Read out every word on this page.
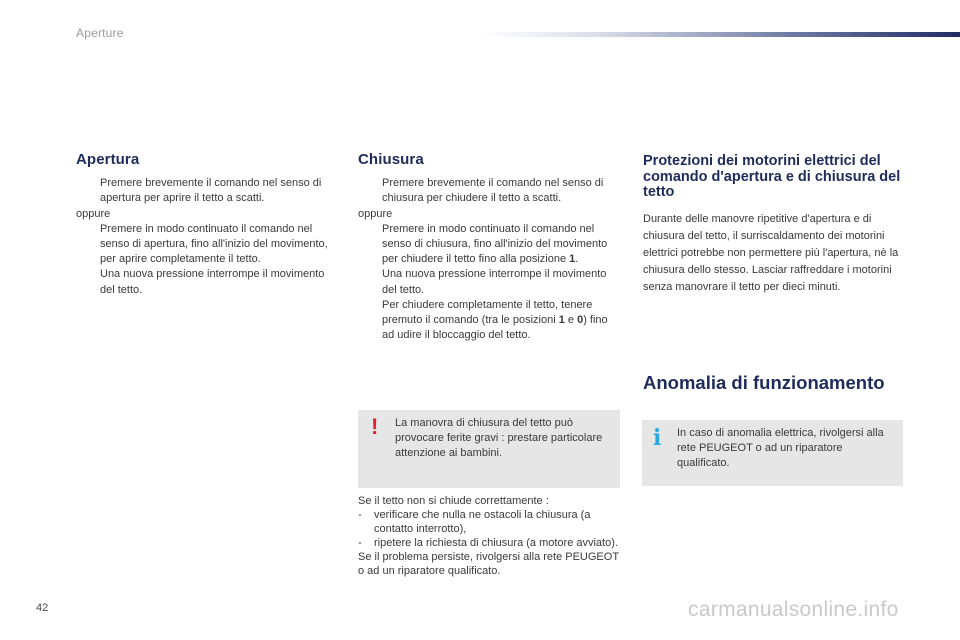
Aperture
Apertura
Premere brevemente il comando nel senso di apertura per aprire il tetto a scatti.

oppure

Premere in modo continuato il comando nel senso di apertura, fino all'inizio del movimento, per aprire completamente il tetto.
Una nuova pressione interrompe il movimento del tetto.
Chiusura
Premere brevemente il comando nel senso di chiusura per chiudere il tetto a scatti.

oppure

Premere in modo continuato il comando nel senso di chiusura, fino all'inizio del movimento per chiudere il tetto fino alla posizione 1.
Una nuova pressione interrompe il movimento del tetto.
Per chiudere completamente il tetto, tenere premuto il comando (tra le posizioni 1 e 0) fino ad udire il bloccaggio del tetto.
! La manovra di chiusura del tetto può provocare ferite gravi : prestare particolare attenzione ai bambini.

Se il tetto non si chiude correttamente :

- verificare che nulla ne ostacoli la chiusura (a contatto interrotto),
- ripetere la richiesta di chiusura (a motore avviato).

Se il problema persiste, rivolgersi alla rete PEUGEOT o ad un riparatore qualificato.

Protezioni dei motorini elettrici del comando d'apertura e di chiusura del tetto

Durante delle manovre ripetitive d'apertura e di chiusura del tetto, il surriscaldamento dei motorini elettrici potrebbe non permettere più l'apertura, nè la chiusura dello stesso. Lasciar raffreddare i motorini senza manovrare il tetto per dieci minuti.

Anomalia di funzionamento
i In caso di anomalia elettrica, rivolgersi alla rete PEUGEOT o ad un riparatore qualificato.
42	carmanualsonline.info
